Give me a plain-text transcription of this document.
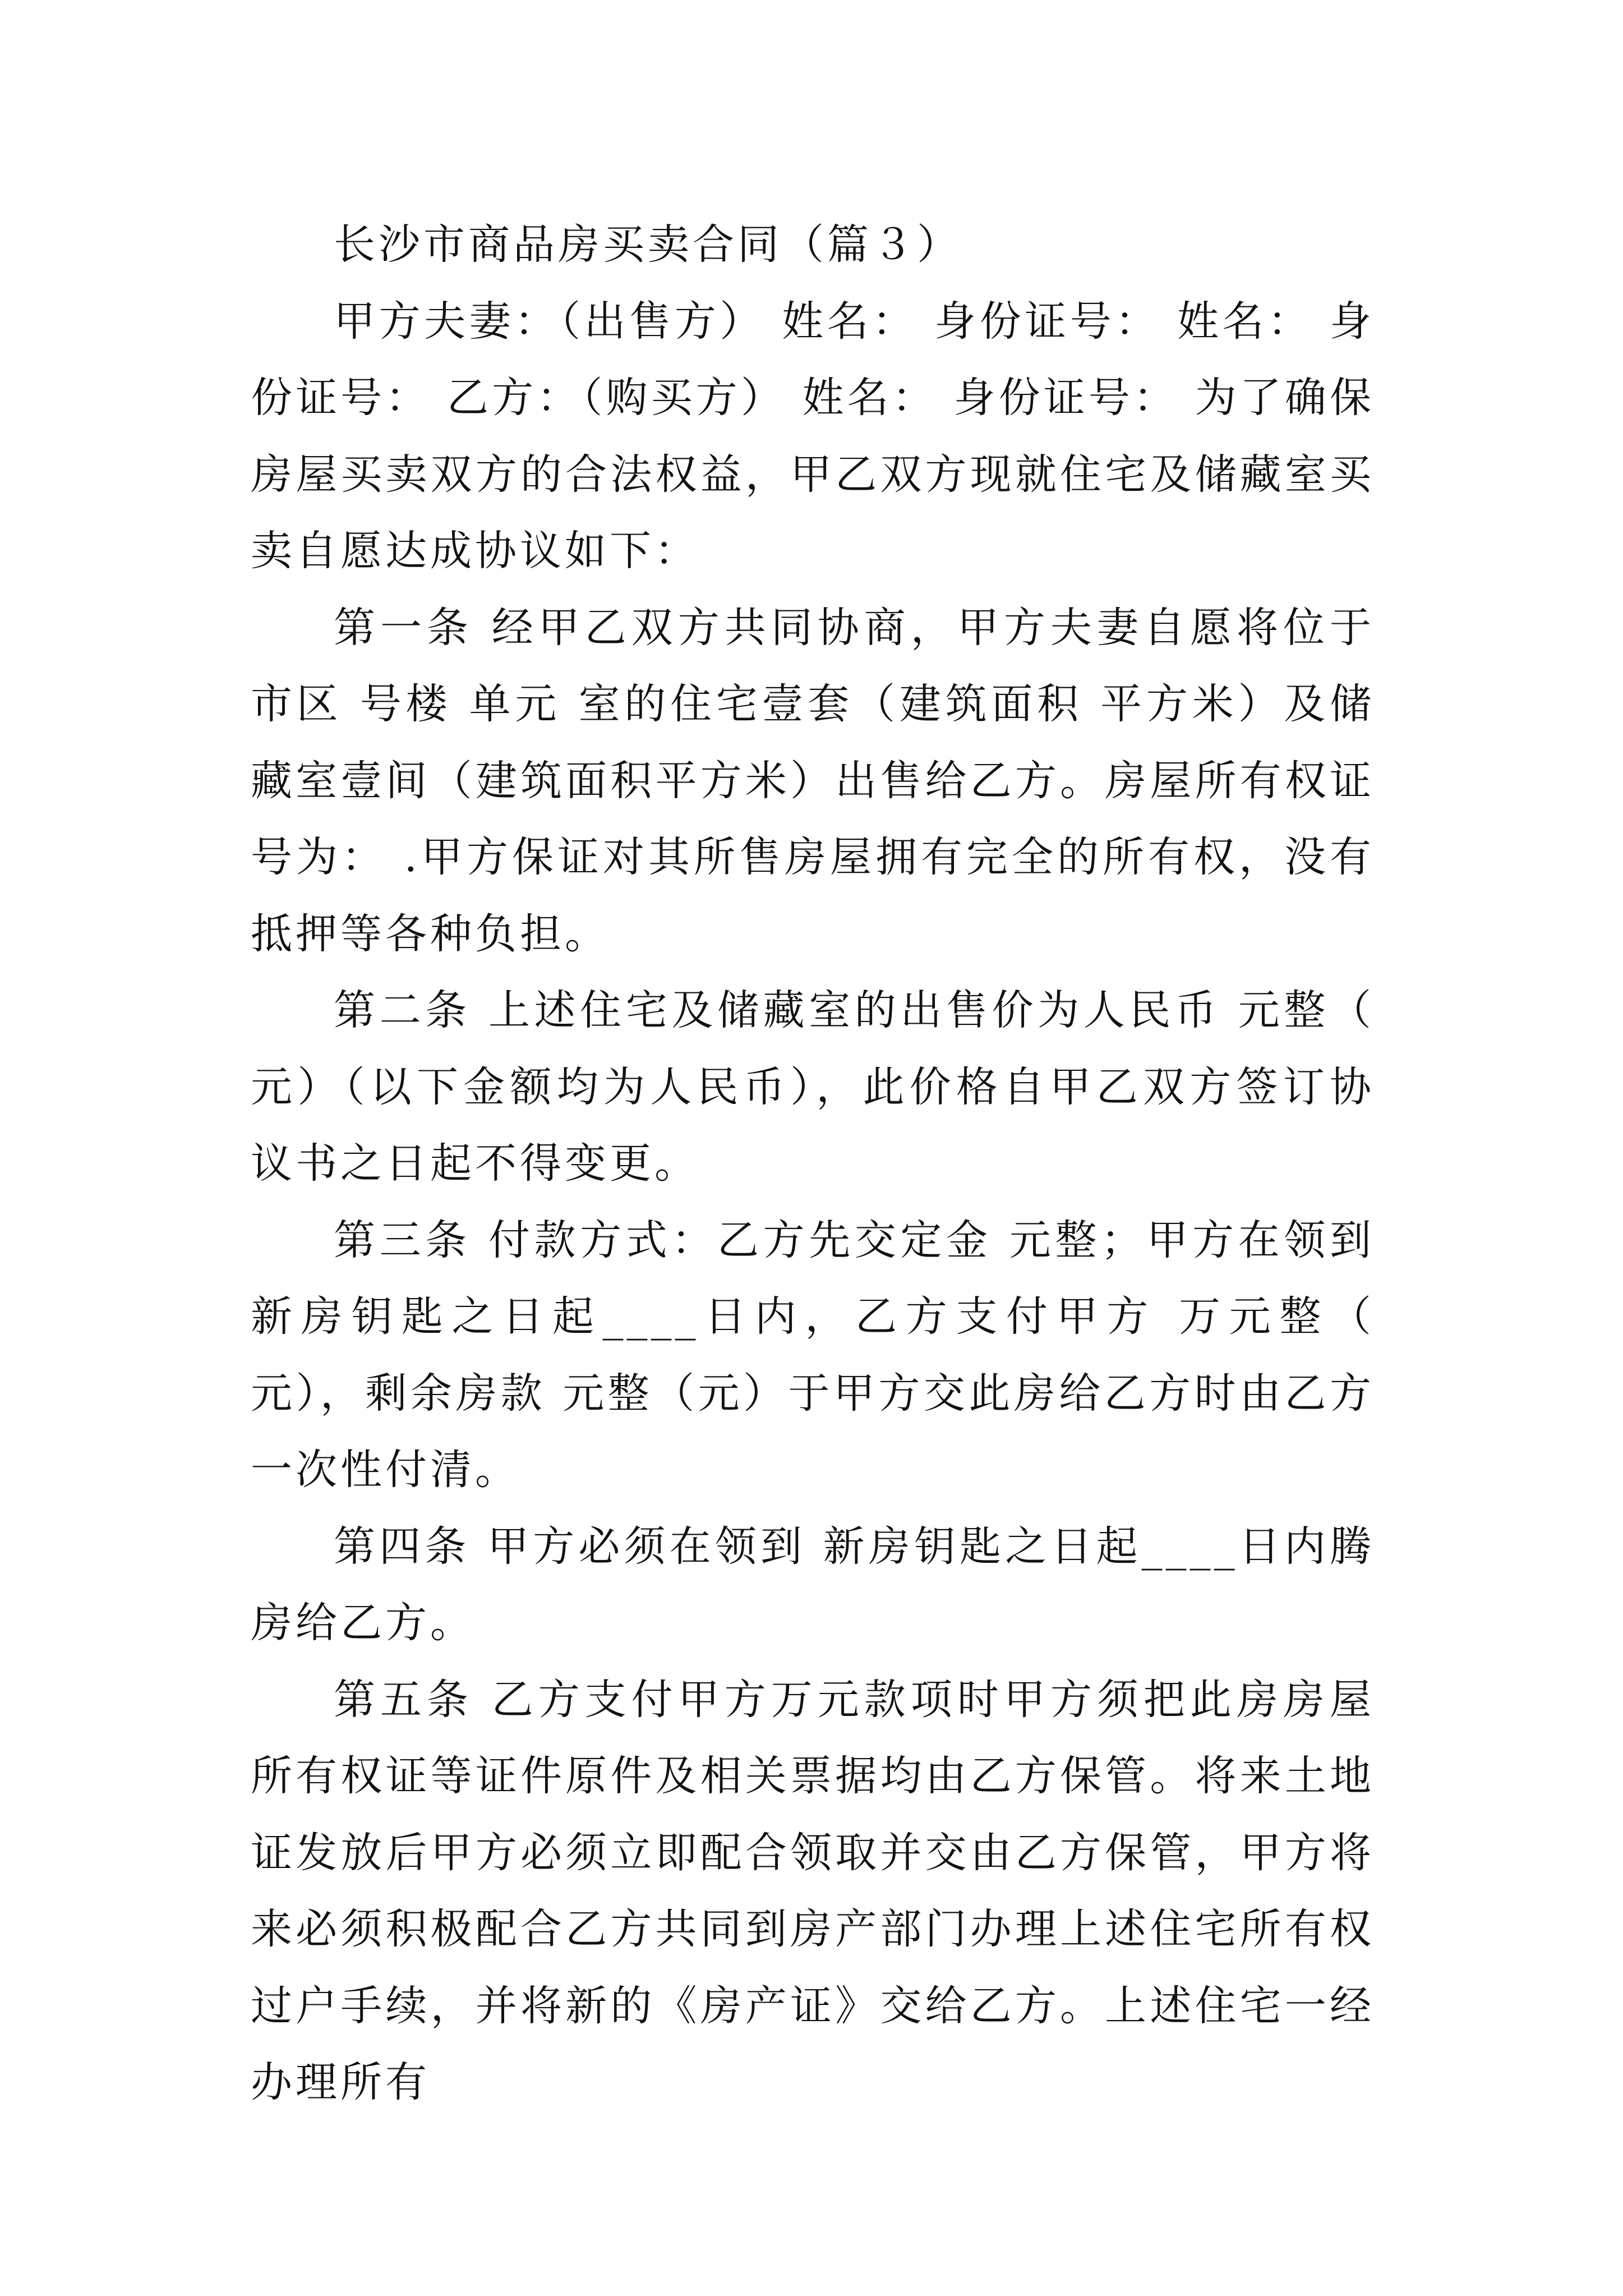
长沙市商品房买卖合同（篇３）

甲方夫妻：（出售方） 姓名： 身份证号： 姓名： 身份证号： 乙方：（购买方） 姓名： 身份证号： 为了确保房屋买卖双方的合法权益，甲乙双方现就住宅及储藏室买卖自愿达成协议如下：

第一条 经甲乙双方共同协商，甲方夫妻自愿将位于 市区 号楼 单元 室的住宅壹套（建筑面积 平方米）及储藏室壹间（建筑面积平方米）出售给乙方。房屋所有权证号为： .甲方保证对其所售房屋拥有完全的所有权，没有抵押等各种负担。

第二条 上述住宅及储藏室的出售价为人民币 元整（ 元）（以下金额均为人民币），此价格自甲乙双方签订协议书之日起不得变更。

第三条 付款方式：乙方先交定金 元整；甲方在领到新房钥匙之日起____日内，乙方支付甲方 万元整（ 元），剩余房款 元整（元）于甲方交此房给乙方时由乙方一次性付清。

第四条 甲方必须在领到 新房钥匙之日起____日内腾房给乙方。

第五条 乙方支付甲方万元款项时甲方须把此房房屋所有权证等证件原件及相关票据均由乙方保管。将来土地证发放后甲方必须立即配合领取并交由乙方保管，甲方将来必须积极配合乙方共同到房产部门办理上述住宅所有权过户手续，并将新的《房产证》交给乙方。上述住宅一经办理所有
